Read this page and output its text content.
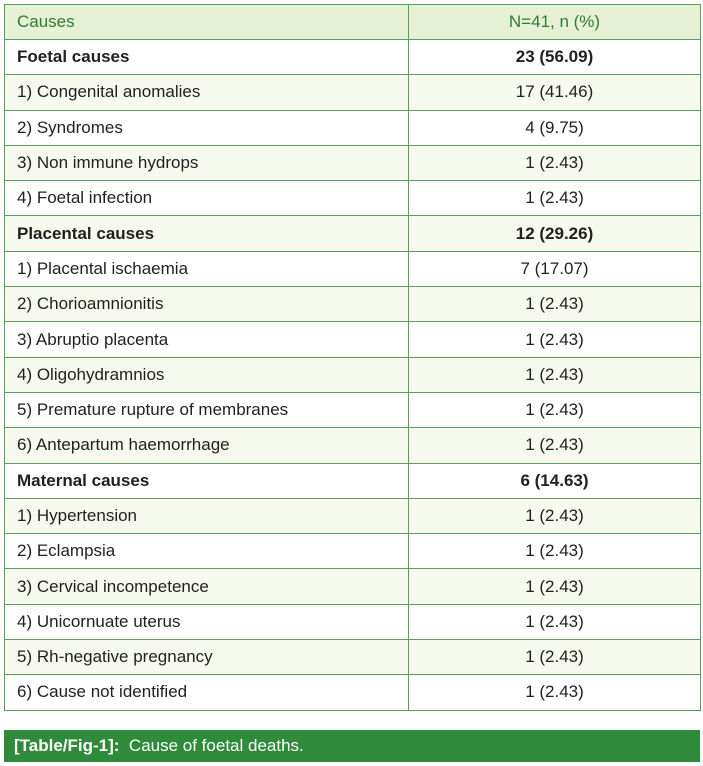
Causes	N=41, n (%)
Foetal causes	23 (56.09)
1) Congenital anomalies	17 (41.46)
2) Syndromes	4 (9.75)
3) Non immune hydrops	1 (2.43)
4) Foetal infection	1 (2.43)
Placental causes	12 (29.26)
1) Placental ischaemia	7 (17.07)
2) Chorioamnionitis	1 (2.43)
3) Abruptio placenta	1 (2.43)
4) Oligohydramnios	1 (2.43)
5) Premature rupture of membranes	1 (2.43)
6) Antepartum haemorrhage	1 (2.43)
Maternal causes	6 (14.63)
1) Hypertension	1 (2.43)
2) Eclampsia	1 (2.43)
3) Cervical incompetence	1 (2.43)
4) Unicornuate uterus	1 (2.43)
5) Rh-negative pregnancy	1 (2.43)
6) Cause not identified	1 (2.43)
[Table/Fig-1]: Cause of foetal deaths.
